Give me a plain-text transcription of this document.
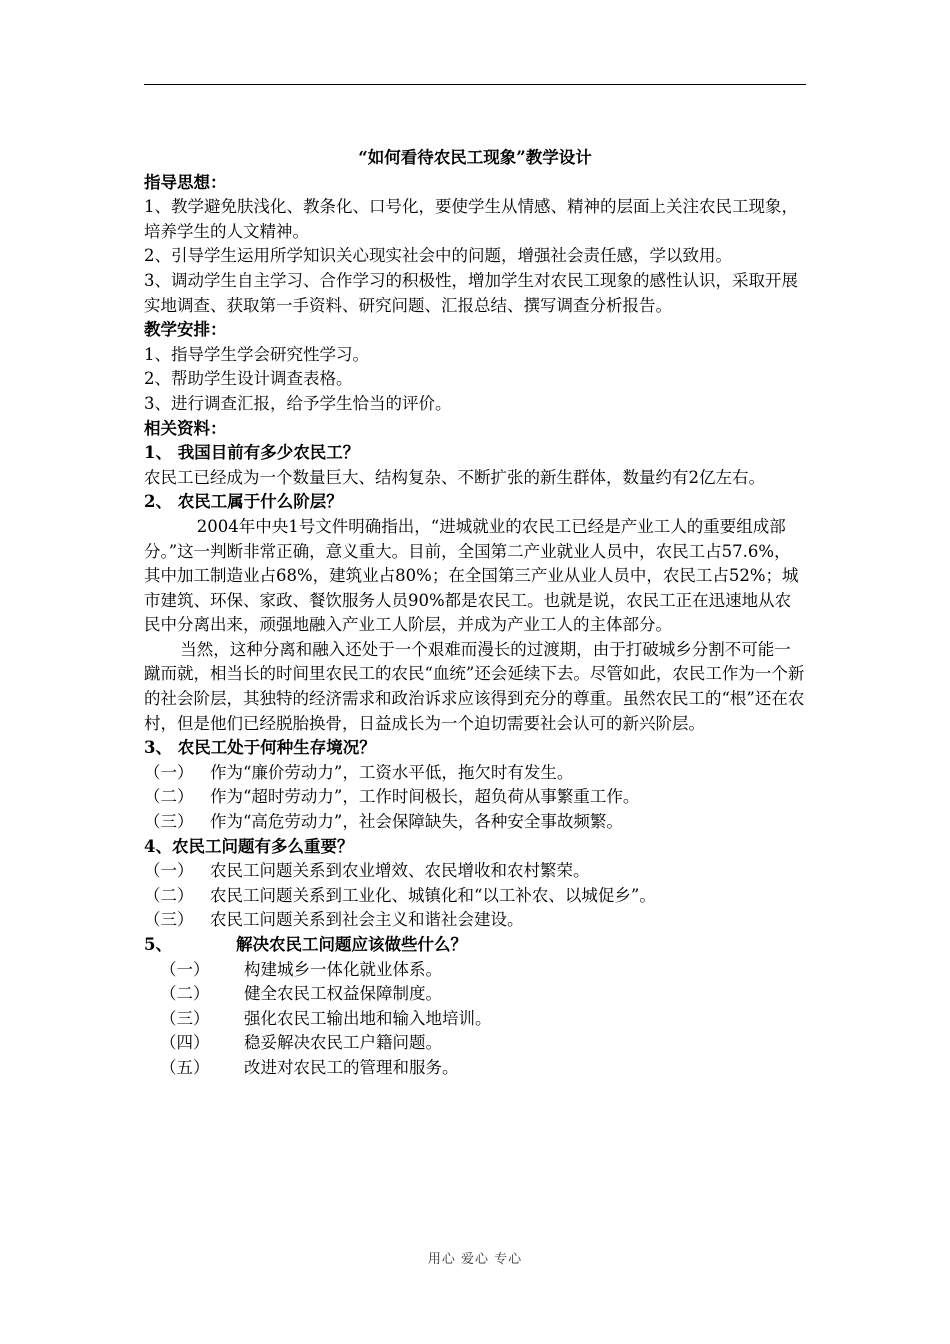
“如何看待农民工现象”教学设计

指导思想：

1、教学避免肤浅化、教条化、口号化，要使学生从情感、精神的层面上关注农民工现象，培养学生的人文精神。

2、引导学生运用所学知识关心现实社会中的问题，增强社会责任感，学以致用。

3、调动学生自主学习、合作学习的积极性，增加学生对农民工现象的感性认识，采取开展实地调查、获取第一手资料、研究问题、汇报总结、撰写调查分析报告。

教学安排：

1、指导学生学会研究性学习。

2、帮助学生设计调查表格。

3、进行调查汇报，给予学生恰当的评价。

相关资料：

1、 我国目前有多少农民工？

农民工已经成为一个数量巨大、结构复杂、不断扩张的新生群体，数量约有2亿左右。

2、 农民工属于什么阶层？

2004年中央1号文件明确指出，“进城就业的农民工已经是产业工人的重要组成部分。”这一判断非常正确，意义重大。目前，全国第二产业就业人员中，农民工占57.6%，其中加工制造业占68%，建筑业占80%；在全国第三产业从业人员中，农民工占52%；城市建筑、环保、家政、餐饮服务人员90%都是农民工。也就是说，农民工正在迅速地从农民中分离出来，顽强地融入产业工人阶层，并成为产业工人的主体部分。

当然，这种分离和融入还处于一个艰难而漫长的过渡期，由于打破城乡分割不可能一蹴而就，相当长的时间里农民工的农民“血统”还会延续下去。尽管如此，农民工作为一个新的社会阶层，其独特的经济需求和政治诉求应该得到充分的尊重。虽然农民工的“根”还在农村，但是他们已经脱胎换骨，日益成长为一个迫切需要社会认可的新兴阶层。

3、 农民工处于何种生存境况？

（一） 作为“廉价劳动力”，工资水平低，拖欠时有发生。

（二） 作为“超时劳动力”，工作时间极长，超负荷从事繁重工作。

（三） 作为“高危劳动力”，社会保障缺失，各种安全事故频繁。

4、农民工问题有多么重要？

（一） 农民工问题关系到农业增效、农民增收和农村繁荣。

（二） 农民工问题关系到工业化、城镇化和“以工补农、以城促乡”。

（三） 农民工问题关系到社会主义和谐社会建设。

5、	解决农民工问题应该做些什么？

（一） 构建城乡一体化就业体系。

（二） 健全农民工权益保障制度。

（三） 强化农民工输出地和输入地培训。

（四） 稳妥解决农民工户籍问题。

（五） 改进对农民工的管理和服务。

用心 爱心 专心
